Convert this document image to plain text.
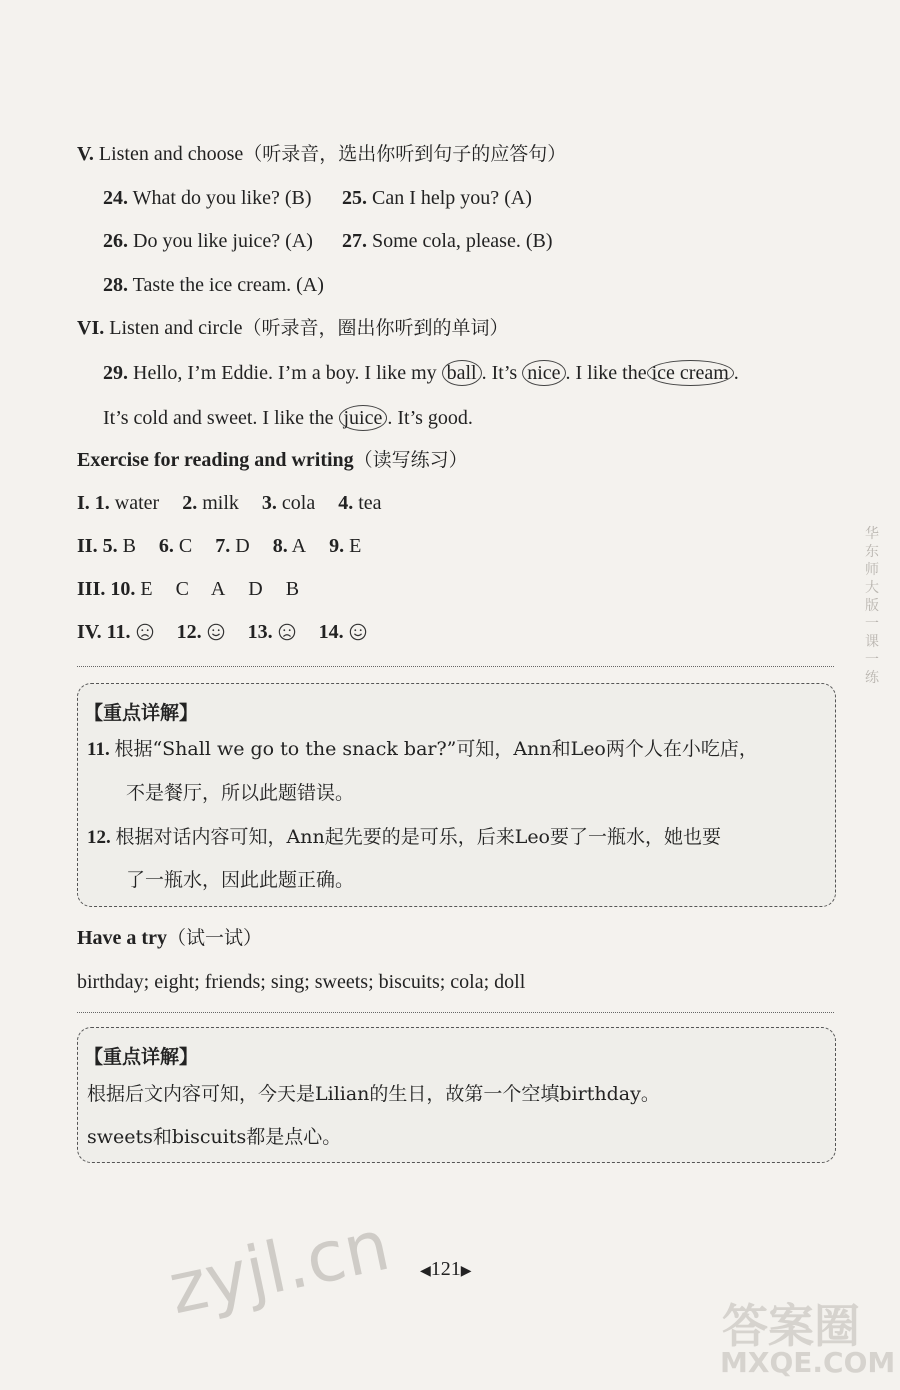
V. Listen and choose（听录音，选出你听到句子的应答句）
24. What do you like? (B) 25. Can I help you? (A)
26. Do you like juice? (A) 27. Some cola, please. (B)
28. Taste the ice cream. (A)
VI. Listen and circle（听录音，圈出你听到的单词）
29. Hello, I’m Eddie. I’m a boy. I like my ball . It’s nice . I like the ice cream .
It’s cold and sweet. I like the juice . It’s good.
Exercise for reading and writing（读写练习）
I. 1. water 2. milk 3. cola 4. tea
II. 5. B 6. C 7. D 8. A 9. E
III. 10. E C A D B
IV. 11. 12. 13. 14.
【重点详解】
11. 根据“Shall we go to the snack bar?”可知，Ann和Leo两个人在小吃店，
不是餐厅，所以此题错误。
12. 根据对话内容可知，Ann起先要的是可乐，后来Leo要了一瓶水，她也要
了一瓶水，因此此题正确。
Have a try（试一试）
birthday; eight; friends; sing; sweets; biscuits; cola; doll
【重点详解】
根据后文内容可知，今天是Lilian的生日，故第一个空填birthday。
sweets和biscuits都是点心。
华
东
师
大
版
一
课
一
练
◀121▶
zyjl.cn	答案圈
MXQE.COM
